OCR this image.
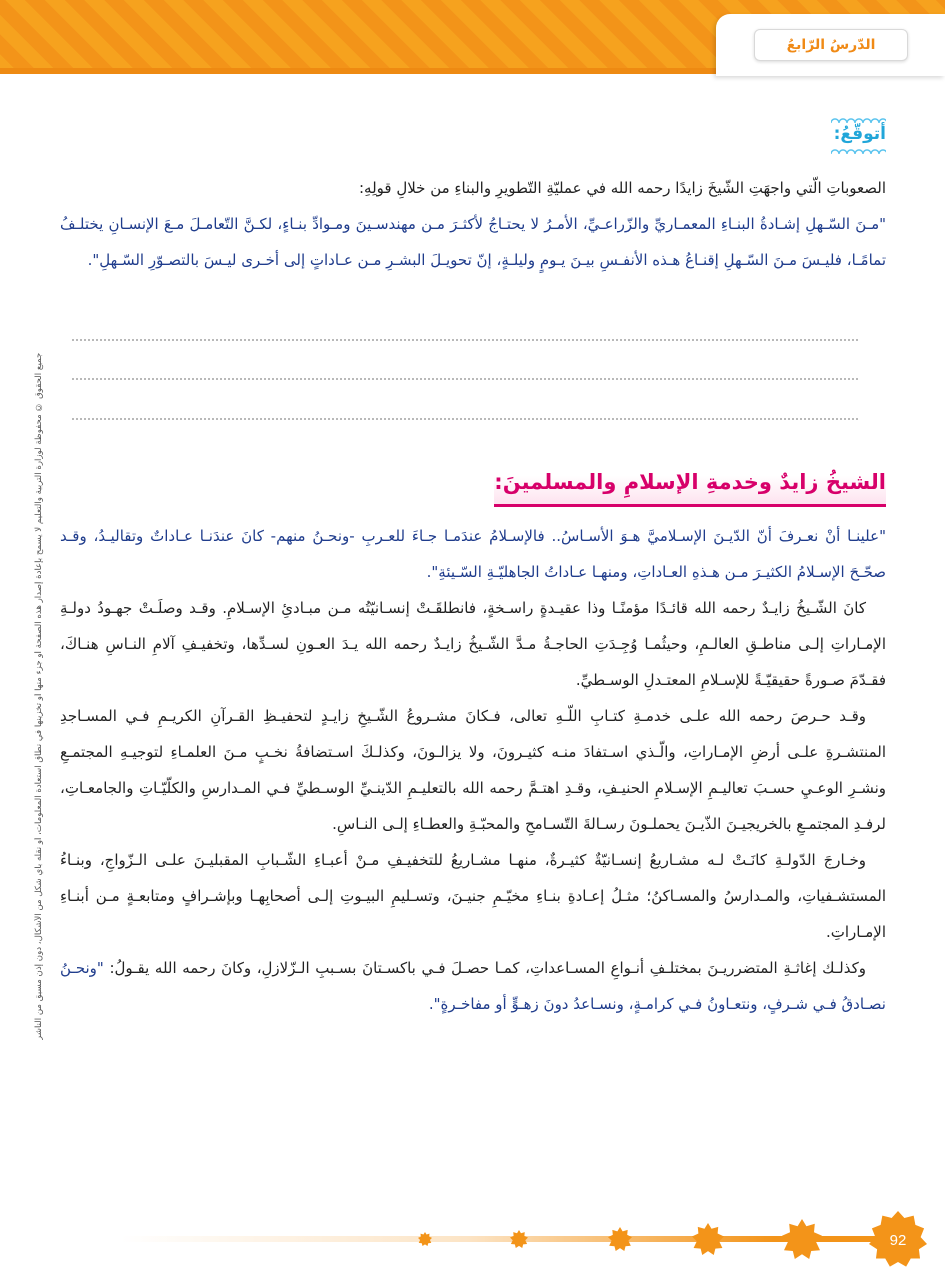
الدّرسُ الرّابعُ
جميع الحقوق © محفوظة لوزارة التربية والتعليم لا يسمح بإعادة إصدار هذه الصفحة أو جزء منها أو تخزينها في نطاق استعادة المعلومات، أو نقله بأي شكل من الأشكال، دون إذن مسبق من الناشر
أتوقّعُ:

الصعوباتِ الّتي واجهَتِ الشّيخَ زايدًا رحمه الله في عمليّةِ التّطويرِ والبناءِ من خلالِ قولِهِ:

"مـنَ السّـهلِ إشـادةُ البنـاءِ المعمـاريِّ والزّراعـيِّ، الأمـرُ لا يحتـاجُ لأكثـرَ مـن مهندسـينَ ومـوادِّ بنـاءٍ، لكـنَّ التّعامـلَ مـعَ الإنسـانِ يختلـفُ تمامًـا، فليـسَ مـنَ السّـهلِ إقنـاعُ هـذه الأنفـسِ بيـنَ يـومٍ وليلـةٍ، إنّ تحويـلَ البشـرِ مـن عـاداتٍ إلى أخـرى ليـسَ بالتصـوّرِ السّـهلِ".

الشيخُ زايدٌ وخدمةِ الإسلامِ والمسلمينَ:

"علينـا أنْ نعـرفَ أنّ الدّيـنَ الإسـلاميَّ هـوَ الأسـاسُ.. فالإسـلامُ عندَمـا جـاءَ للعـربِ -ونحـنُ منهم- كانَ عندَنـا عـاداتٌ وتقاليـدُ، وقـد صحّـحَ الإسـلامُ الكثيـرَ مـن هـذهِ العـاداتِ، ومنهـا عـاداتُ الجاهليّـةِ السّـيئةِ".

كانَ الشّـيخُ زايـدٌ رحمه الله قائـدًا مؤمنًـا وذا عقيـدةٍ راسـخةٍ، فانطلقَـتْ إنسـانيّتُه مـن مبـادئِ الإسـلامِ. وقـد وصلَـتْ جهـودُ دولـةِ الإمـاراتِ إلـى مناطـقِ العالـمِ، وحيثُمـا وُجِـدَتِ الحاجـةُ مـدَّ الشّـيخُ زايـدٌ رحمه الله يـدَ العـونِ لسـدِّها، وتخفيـفِ آلامِ النـاسِ هنـاكَ، فقـدّمَ صـورةً حقيقيّـةً للإسـلامِ المعتـدلِ الوسـطيِّ.

وقـد حـرصَ رحمه الله علـى خدمـةِ كتـابِ اللّـهِ تعالى، فـكانَ مشـروعُ الشّـيخِ زايـدٍ لتحفيـظِ القـرآنِ الكريـمِ فـي المسـاجدِ المنتشـرةِ علـى أرضِ الإمـاراتِ، والّـذي اسـتفادَ منـه كثيـرونَ، ولا يزالـونَ، وكذلـكَ اسـتضافةُ نخـبٍ مـنَ العلمـاءِ لتوجيـهِ المجتمـعِ ونشـرِ الوعـيِ حسـبَ تعاليـمِ الإسـلامِ الحنيـفِ، وقـدِ اهتـمَّ رحمه الله بالتعليـمِ الدّينـيِّ الوسـطيِّ فـي المـدارسِ والكلّيّـاتِ والجامعـاتِ، لرفـدِ المجتمـعِ بالخريجيـنَ الذّيـنَ يحملـونَ رسـالةَ التّسـامحِ والمحبّـةِ والعطـاءِ إلـى النـاسِ.

وخـارجَ الدّولـةِ كانَـتْ لـه مشـاريعُ إنسـانيّةٌ كثيـرةٌ، منهـا مشـاريعُ للتخفيـفِ مـنْ أعبـاءِ الشّـبابِ المقبليـنَ علـى الـزّواجِ، وبنـاءُ المستشـفياتِ، والمـدارسُ والمسـاكنُ؛ مثـلُ إعـادةِ بنـاءِ مخيّـمِ جنيـنَ، وتسـليمِ البيـوتِ إلـى أصحابِهـا وبإشـرافٍ ومتابعـةٍ مـن أبنـاءِ الإمـاراتِ.

وكذلـك إغاثـةِ المتضرريـنَ بمختلـفِ أنـواعِ المسـاعداتِ، كمـا حصـلَ فـي باكسـتانَ بسـببِ الـزّلازلِ، وكانَ رحمه الله يقـولُ: "ونحـنُ نصـادقُ فـي شـرفٍ، ونتعـاونُ فـي كرامـةٍ، ونسـاعدُ دونَ زهـوٍّ أو مفاخـرةٍ".

92
